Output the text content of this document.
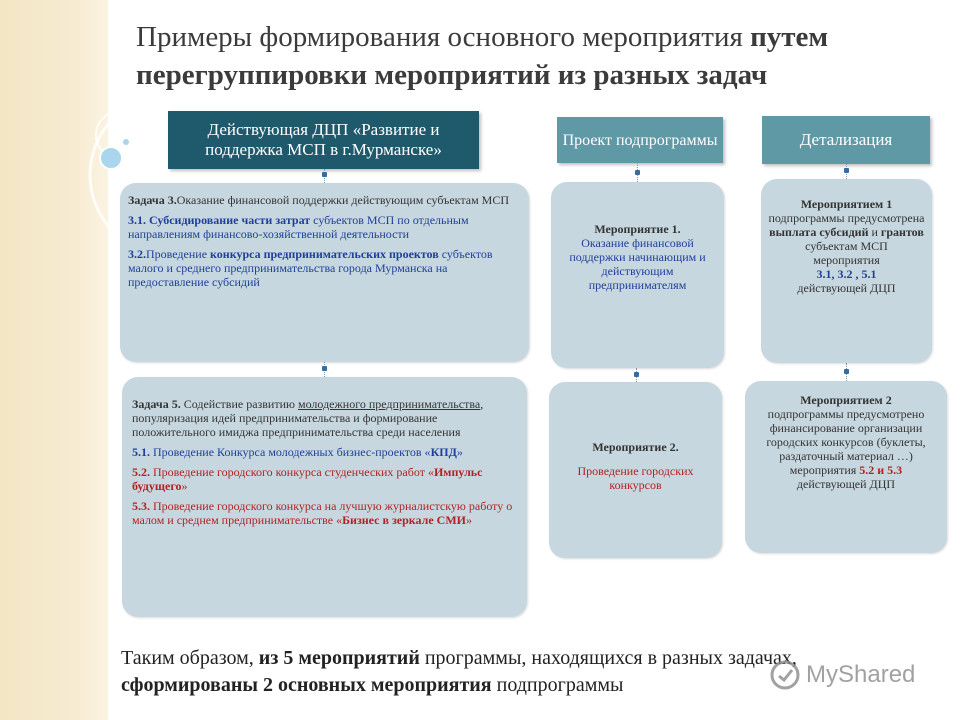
Примеры формирования основного мероприятия путем
перегруппировки мероприятий из разных задач
Действующая ДЦП «Развитие и поддержка МСП в г.Мурманске»	Проект подпрограммы	Детализация

Задача 3.Оказание финансовой поддержки действующим субъектам МСП

3.1. Субсидирование части затрат субъектов МСП по отдельным направлениям финансово-хозяйственной деятельности

3.2.Проведение конкурса предпринимательских проектов субъектов малого и среднего предпринимательства города Мурманска на предоставление субсидий

Задача 5. Содействие развитию молодежного предпринимательства, популяризация идей предпринимательства и формирование положительного имиджа предпринимательства среди населения

5.1. Проведение Конкурса молодежных бизнес-проектов «КПД»

5.2. Проведение городского конкурса студенческих работ «Импульс будущего»

5.3. Проведение городского конкурса на лучшую журналистскую работу о малом и среднем предпринимательстве «Бизнес в зеркале СМИ»

Мероприятие 1.
Оказание финансовой поддержки начинающим и действующим предпринимателям
Мероприятие 2.
Проведение городских конкурсов
Мероприятием 1
подпрограммы предусмотрена выплата субсидий и грантов субъектам МСП
мероприятия
3.1, 3.2 , 5.1
действующей ДЦП
Мероприятием 2
подпрограммы предусмотрено финансирование организации городских конкурсов (буклеты, раздаточный материал …)
мероприятия 5.2 и 5.3
действующей ДЦП
Таким образом, из 5 мероприятий программы, находящихся в разных задачах, сформированы 2 основных мероприятия подпрограммы	MyShared
